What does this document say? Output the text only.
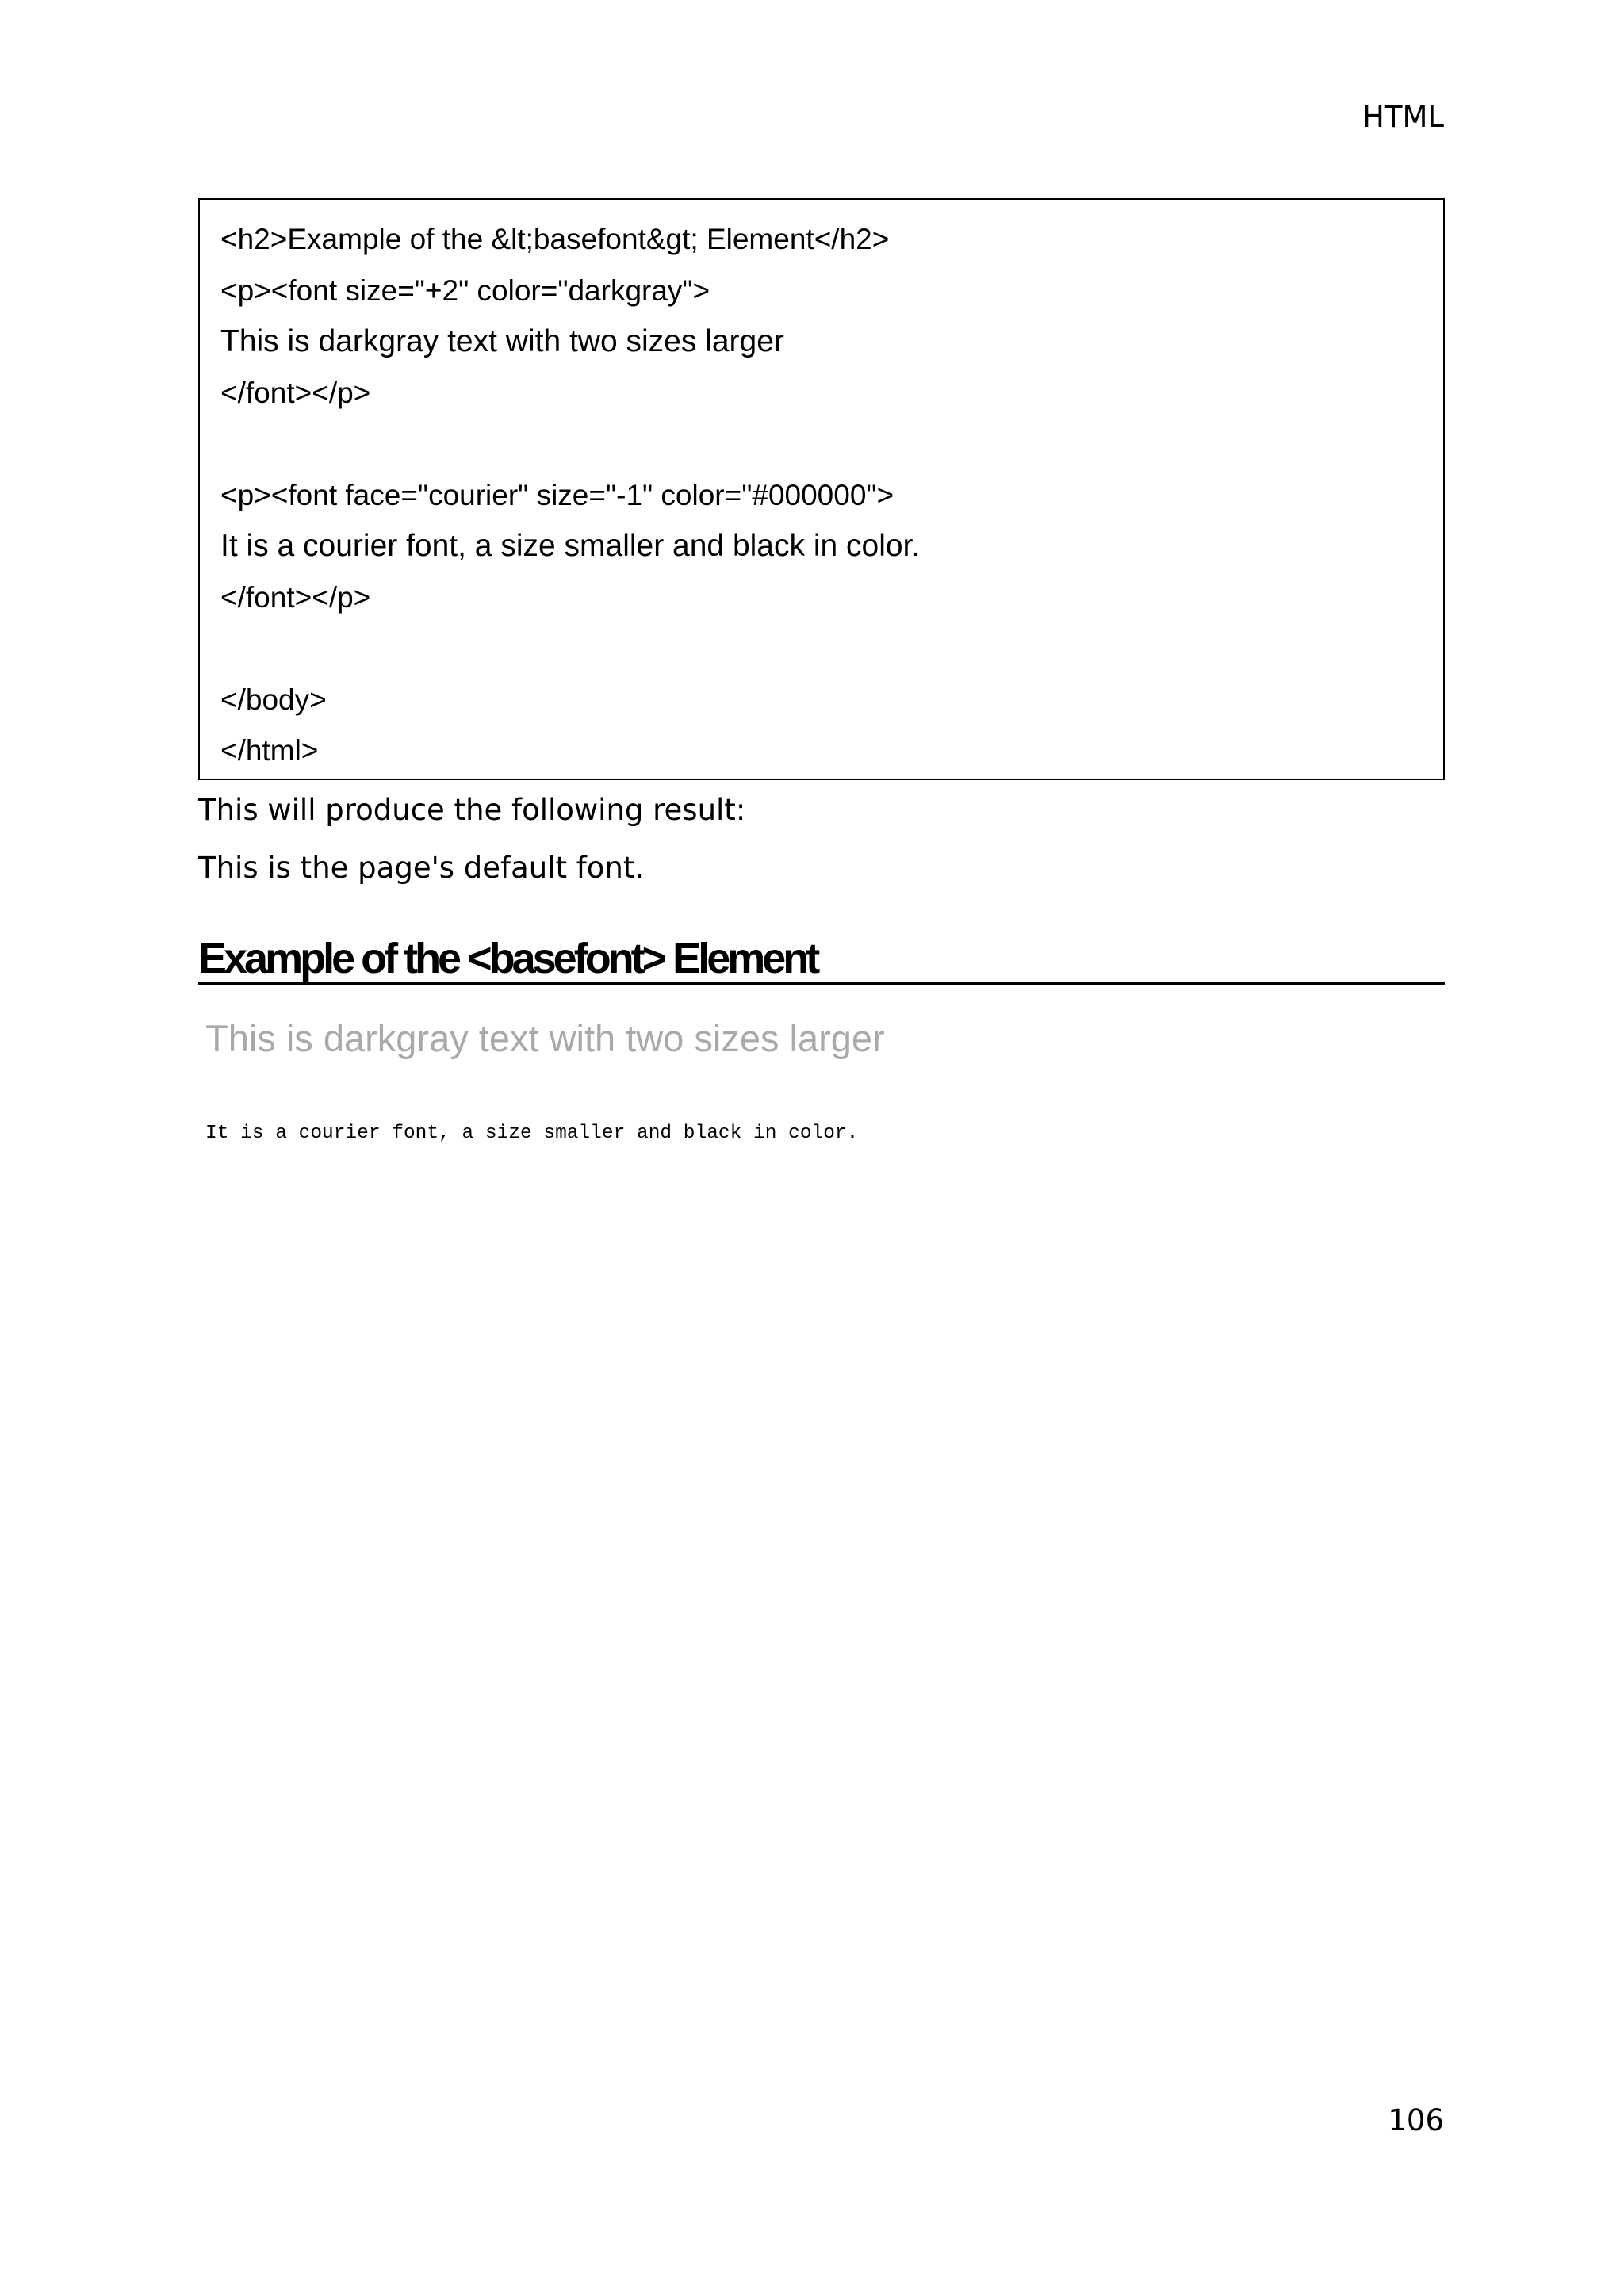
HTML
<h2>Example of the &lt;basefont&gt; Element</h2>
<p><font size="+2" color="darkgray">
This is darkgray text with two sizes larger
</font></p>
<p><font face="courier" size="-1" color="#000000">
It is a courier font, a size smaller and black in color.
</font></p>
</body>
</html>
This will produce the following result:
This is the page's default font.
Example of the <basefont> Element
This is darkgray text with two sizes larger
It is a courier font, a size smaller and black in color.
106
